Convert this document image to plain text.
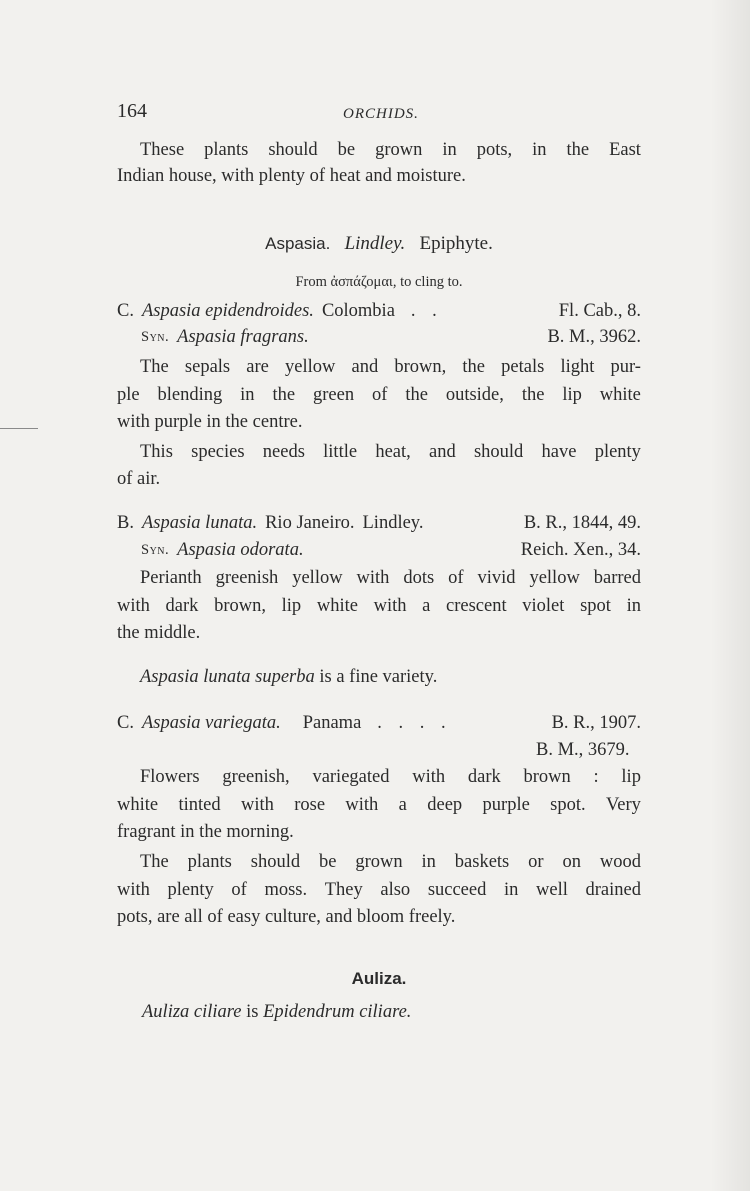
164	ORCHIDS.
These plants should be grown in pots, in the East
Indian house, with plenty of heat and moisture.
Aspasia. Lindley. Epiphyte.
From ἀσπάζομαι, to cling to.
C. Aspasia epidendroides. Colombia . .	Fl. Cab., 8.
Syn. Aspasia fragrans.	B. M., 3962.
The sepals are yellow and brown, the petals light pur-
ple blending in the green of the outside, the lip white
with purple in the centre.
This species needs little heat, and should have plenty
of air.
B. Aspasia lunata. Rio Janeiro. Lindley.	B. R., 1844, 49.
Syn. Aspasia odorata.	Reich. Xen., 34.
Perianth greenish yellow with dots of vivid yellow barred
with dark brown, lip white with a crescent violet spot in
the middle.
Aspasia lunata superba is a fine variety.
C. Aspasia variegata. Panama . . . .	B. R., 1907.
B. M., 3679.
Flowers greenish, variegated with dark brown : lip
white tinted with rose with a deep purple spot. Very
fragrant in the morning.
The plants should be grown in baskets or on wood
with plenty of moss. They also succeed in well drained
pots, are all of easy culture, and bloom freely.
Auliza.
Auliza ciliare is Epidendrum ciliare.
